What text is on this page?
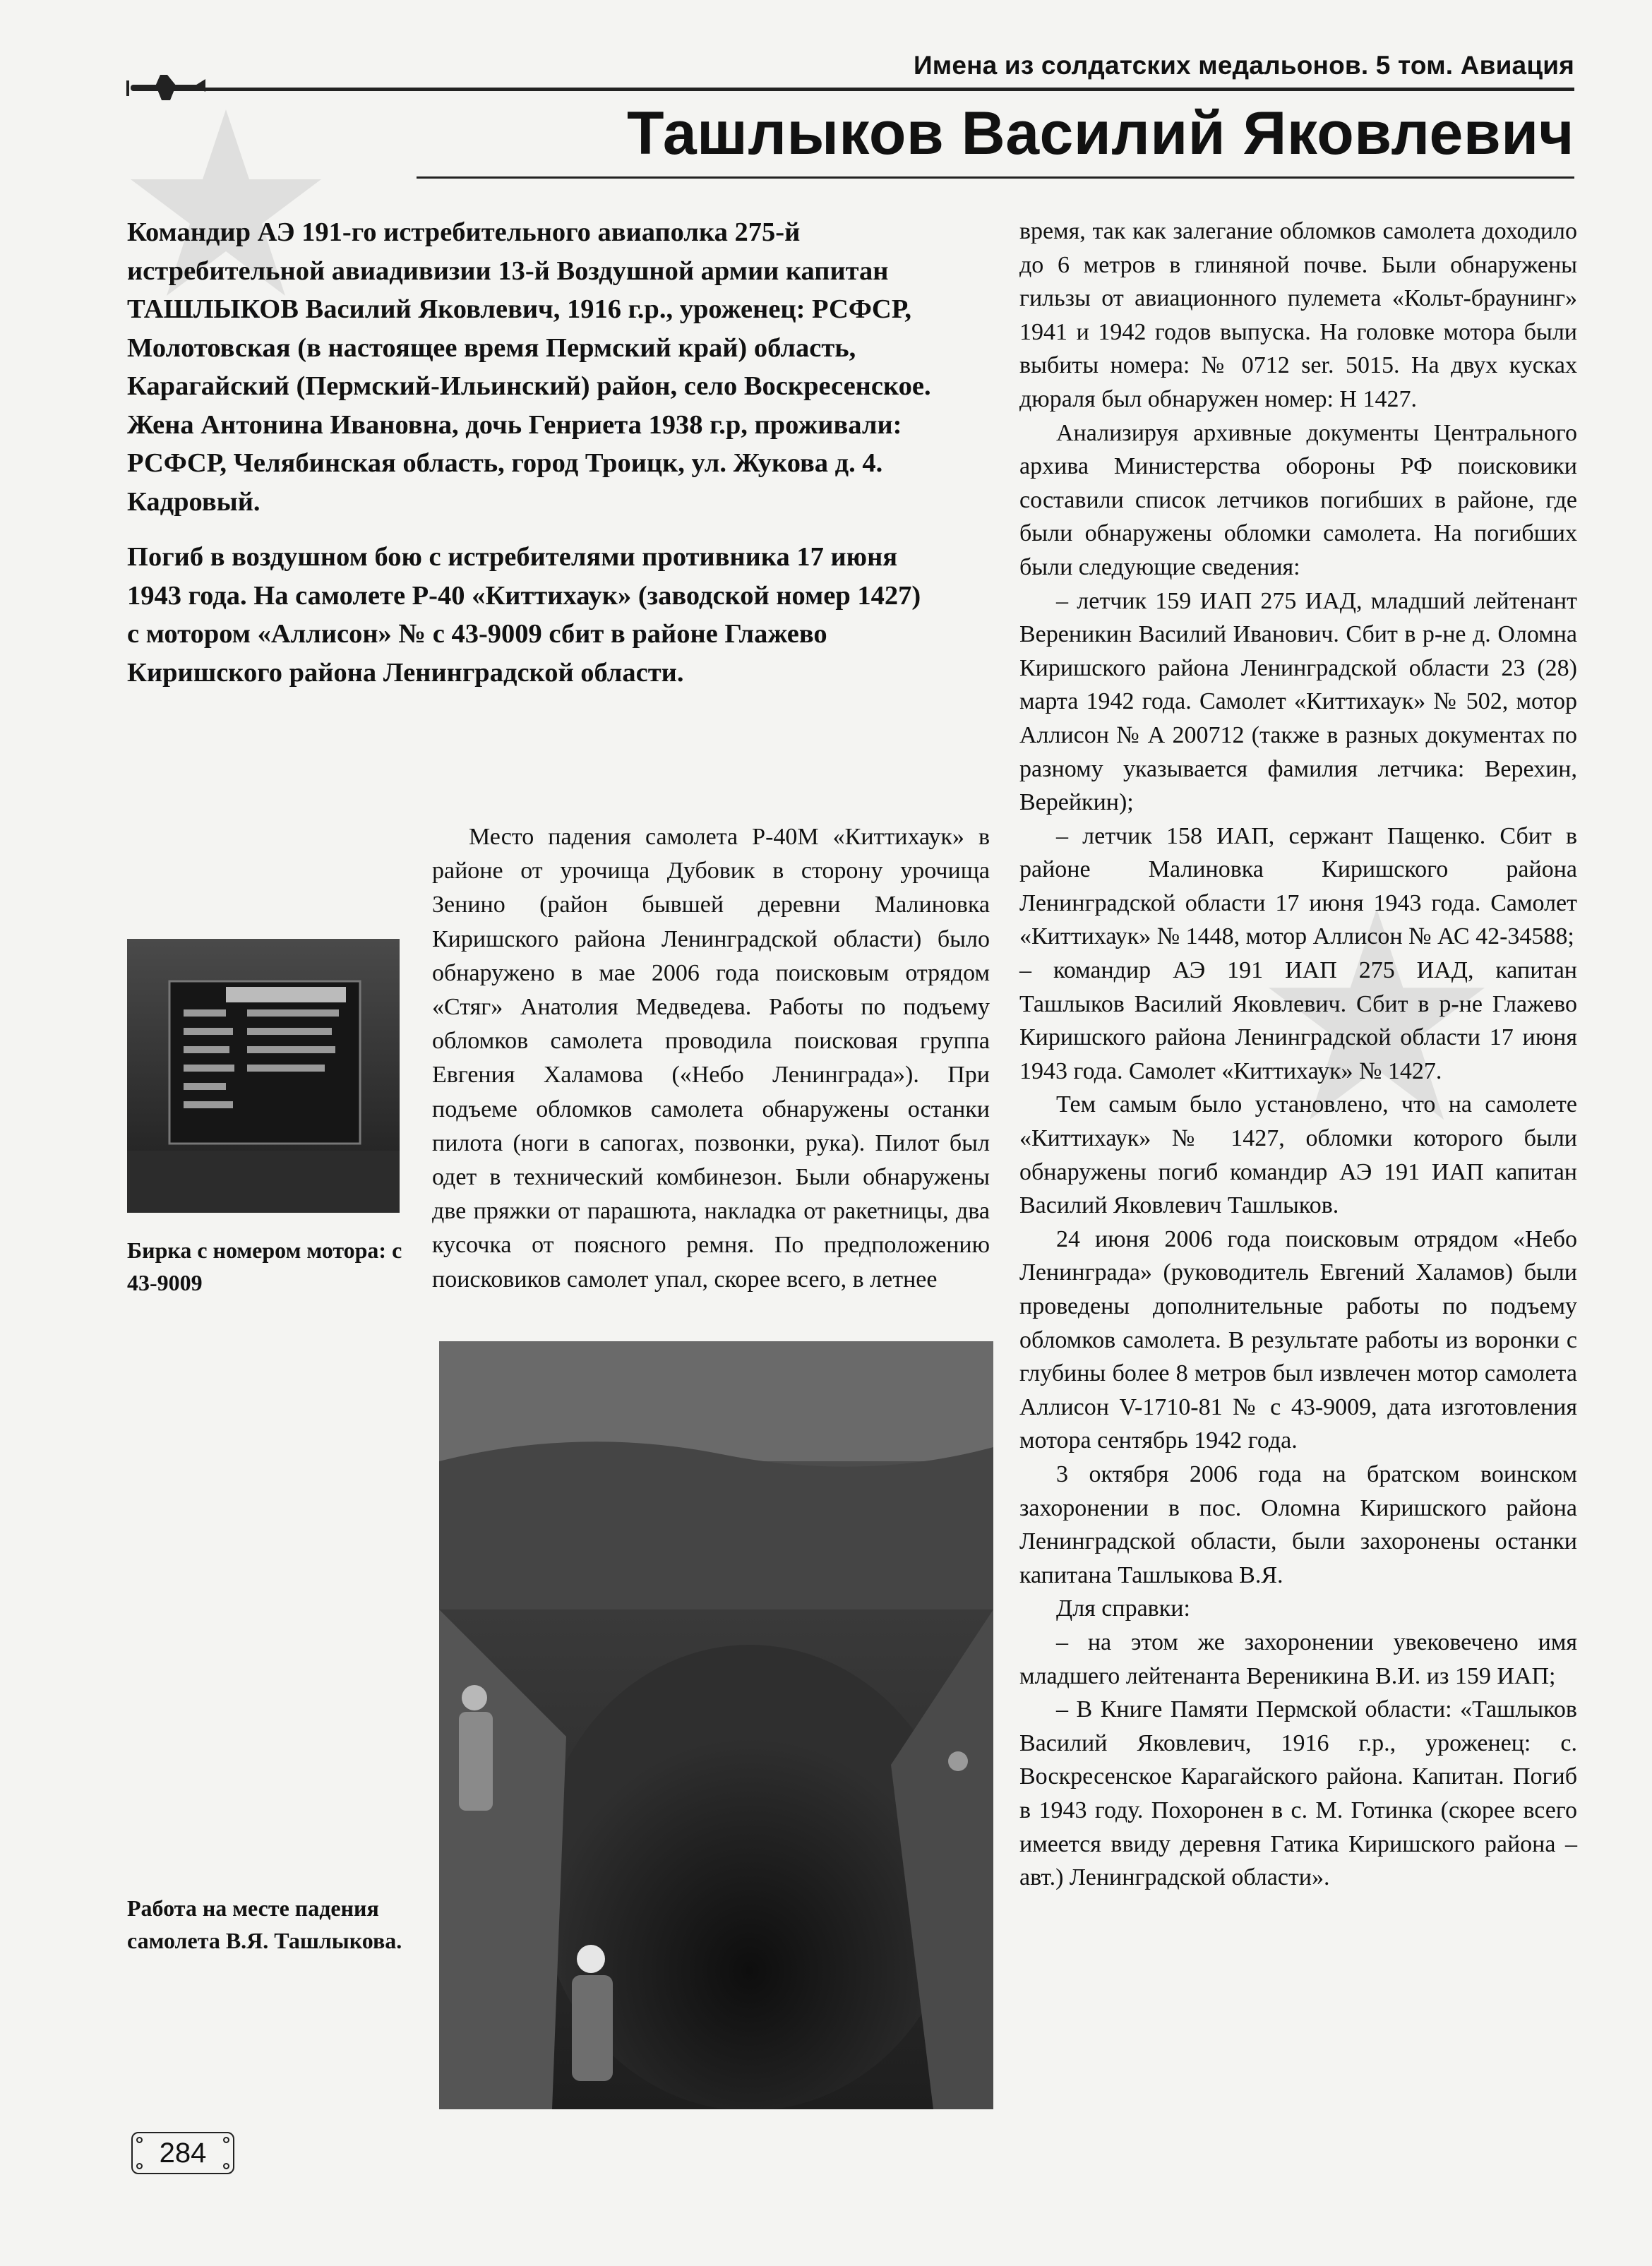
Имена из солдатских медальонов. 5 том. Авиация
Ташлыков Василий Яковлевич

Командир АЭ 191-го истребительного авиаполка 275-й истребительной авиадивизии 13-й Воздушной армии капитан ТАШЛЫКОВ Василий Яковлевич, 1916 г.р., уроженец: РСФСР, Молотовская (в настоящее время Пермский край) область, Карагайский (Пермский-Ильинский) район, село Воскресенское. Жена Антонина Ивановна, дочь Генриета 1938 г.р, проживали: РСФСР, Челябинская область, город Троицк, ул. Жукова д. 4. Кадровый.

Погиб в воздушном бою с истребителями противника 17 июня 1943 года. На самолете Р-40 «Киттихаук» (заводской номер 1427) с мотором «Аллисон» № с 43-9009 сбит в районе Глажево Киришского района Ленинградской области.

Бирка с номером мотора: с 43-9009

Место падения самолета Р-40М «Киттихаук» в районе от урочища Дубовик в сторону урочища Зенино (район бывшей деревни Малиновка Киришского района Ленинградской области) было обнаружено в мае 2006 года поисковым отрядом «Стяг» Анатолия Медведева. Работы по подъему обломков самолета проводила поисковая группа Евгения Халамова («Небо Ленинграда»). При подъеме обломков самолета обнаружены останки пилота (ноги в сапогах, позвонки, рука). Пилот был одет в технический комбинезон. Были обнаружены две пряжки от парашюта, накладка от ракетницы, два кусочка от поясного ремня. По предположению поисковиков самолет упал, скорее всего, в летнее

Работа на месте падения самолета В.Я. Ташлыкова.

время, так как залегание обломков самолета доходило до 6 метров в глиняной почве. Были обнаружены гильзы от авиационного пулемета «Кольт-браунинг» 1941 и 1942 годов выпуска. На головке мотора были выбиты номера: № 0712 ser. 5015. На двух кусках дюраля был обнаружен номер: Н 1427.

Анализируя архивные документы Центрального архива Министерства обороны РФ поисковики составили список летчиков погибших в районе, где были обнаружены обломки самолета. На погибших были следующие сведения:

– летчик 159 ИАП 275 ИАД, младший лейтенант Вереникин Василий Иванович. Сбит в р-не д. Оломна Киришского района Ленинградской области 23 (28) марта 1942 года. Самолет «Киттихаук» № 502, мотор Аллисон № А 200712 (также в разных документах по разному указывается фамилия летчика: Верехин, Верейкин);

– летчик 158 ИАП, сержант Пащенко. Сбит в районе Малиновка Киришского района Ленинградской области 17 июня 1943 года. Самолет «Киттихаук» № 1448, мотор Аллисон № АС 42-34588;

– командир АЭ 191 ИАП 275 ИАД, капитан Ташлыков Василий Яковлевич. Сбит в р-не Глажево Киришского района Ленинградской области 17 июня 1943 года. Самолет «Киттихаук» № 1427.

Тем самым было установлено, что на самолете «Киттихаук» № 1427, обломки которого были обнаружены погиб командир АЭ 191 ИАП капитан Василий Яковлевич Ташлыков.

24 июня 2006 года поисковым отрядом «Небо Ленинграда» (руководитель Евгений Халамов) были проведены дополнительные работы по подъему обломков самолета. В результате работы из воронки с глубины более 8 метров был извлечен мотор самолета Аллисон V-1710-81 № с 43-9009, дата изготовления мотора сентябрь 1942 года.

3 октября 2006 года на братском воинском захоронении в пос. Оломна Киришского района Ленинградской области, были захоронены останки капитана Ташлыкова В.Я.

Для справки:

– на этом же захоронении увековечено имя младшего лейтенанта Вереникина В.И. из 159 ИАП;

– В Книге Памяти Пермской области: «Ташлыков Василий Яковлевич, 1916 г.р., уроженец: с. Воскресенское Карагайского района. Капитан. Погиб в 1943 году. Похоронен в с. М. Готинка (скорее всего имеется ввиду деревня Гатика Киришского района – авт.) Ленинградской области».

284
